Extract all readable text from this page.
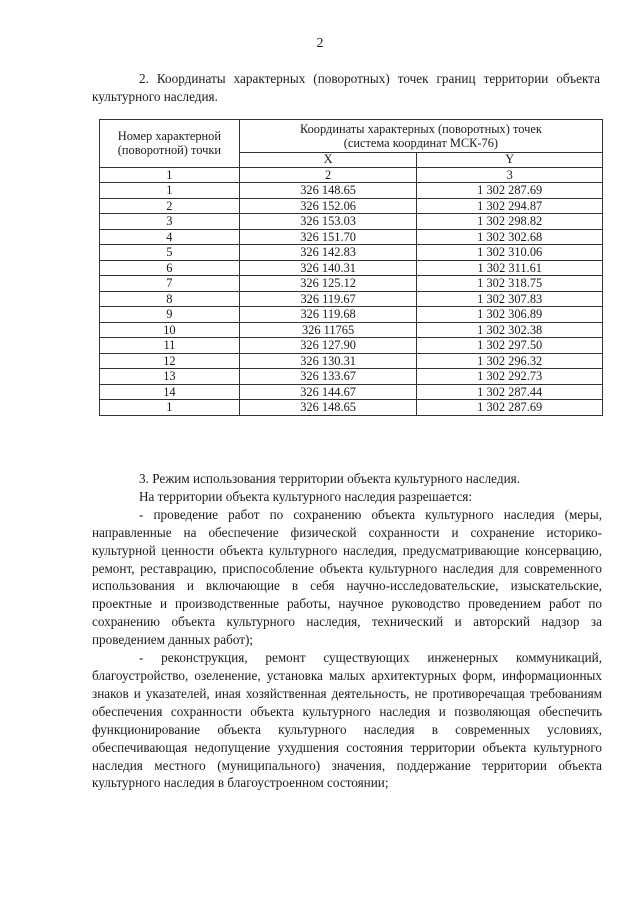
2
2. Координаты характерных (поворотных) точек границ территории объекта культурного наследия.
Номер характерной (поворотной) точки	Координаты характерных (поворотных) точек
(система координат МСК-76)	
	X	Y
1	2	3
1	326 148.65	1 302 287.69
2	326 152.06	1 302 294.87
3	326 153.03	1 302 298.82
4	326 151.70	1 302 302.68
5	326 142.83	1 302 310.06
6	326 140.31	1 302 311.61
7	326 125.12	1 302 318.75
8	326 119.67	1 302 307.83
9	326 119.68	1 302 306.89
10	326 11765	1 302 302.38
11	326 127.90	1 302 297.50
12	326 130.31	1 302 296.32
13	326 133.67	1 302 292.73
14	326 144.67	1 302 287.44
1	326 148.65	1 302 287.69

3. Режим использования территории объекта культурного наследия.

На территории объекта культурного наследия разрешается:

- проведение работ по сохранению объекта культурного наследия (меры, направленные на обеспечение физической сохранности и сохранение историко-культурной ценности объекта культурного наследия, предусматривающие консервацию, ремонт, реставрацию, приспособление объекта культурного наследия для современного использования и включающие в себя научно-исследовательские, изыскательские, проектные и производственные работы, научное руководство проведением работ по сохранению объекта культурного наследия, технический и авторский надзор за проведением данных работ);

- реконструкция, ремонт существующих инженерных коммуникаций, благоустройство, озеленение, установка малых архитектурных форм, информационных знаков и указателей, иная хозяйственная деятельность, не противоречащая требованиям обеспечения сохранности объекта культурного наследия и позволяющая обеспечить функционирование объекта культурного наследия в современных условиях, обеспечивающая недопущение ухудшения состояния территории объекта культурного наследия местного (муниципального) значения, поддержание территории объекта культурного наследия в благоустроенном состоянии;
